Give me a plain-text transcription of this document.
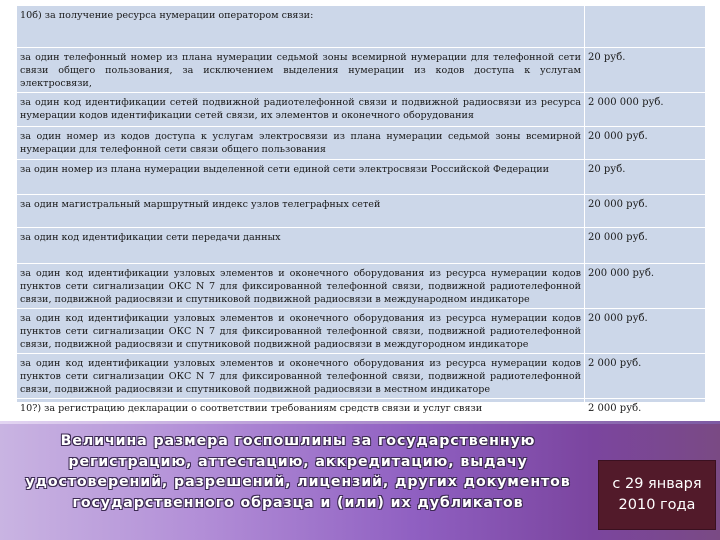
10б) за получение ресурса нумерации оператором связи:	
за один телефонный номер из плана нумерации седьмой зоны всемирной нумерации для телефонной сети связи общего пользования, за исключением выделения нумерации из кодов доступа к услугам электросвязи,	20 руб.
за один код идентификации сетей подвижной радиотелефонной связи и подвижной радиосвязи из ресурса нумерации кодов идентификации сетей связи, их элементов и оконечного оборудования	2 000 000 руб.
за один номер из кодов доступа к услугам электросвязи из плана нумерации седьмой зоны всемирной нумерации для телефонной сети связи общего пользования	20 000 руб.
за один номер из плана нумерации выделенной сети единой сети электросвязи Российской Федерации	20 руб.
за один магистральный маршрутный индекс узлов телеграфных сетей	20 000 руб.
за один код идентификации сети передачи данных	20 000 руб.
за один код идентификации узловых элементов и оконечного оборудования из ресурса нумерации кодов пунктов сети сигнализации ОКС N 7 для фиксированной телефонной связи, подвижной радиотелефонной связи, подвижной радиосвязи и спутниковой подвижной радиосвязи в международном индикаторе	200 000 руб.
за один код идентификации узловых элементов и оконечного оборудования из ресурса нумерации кодов пунктов сети сигнализации ОКС N 7 для фиксированной телефонной связи, подвижной радиотелефонной связи, подвижной радиосвязи и спутниковой подвижной радиосвязи в междугородном индикаторе	20 000 руб.
за один код идентификации узловых элементов и оконечного оборудования из ресурса нумерации кодов пунктов сети сигнализации ОКС N 7 для фиксированной телефонной связи, подвижной радиотелефонной связи, подвижной радиосвязи и спутниковой подвижной радиосвязи в местном индикаторе	2 000 руб.
10?) за регистрацию декларации о соответствии требованиям средств связи и услуг связи	2 000 руб.
Величина размера госпошлины за государственную
регистрацию, аттестацию, аккредитацию, выдачу
удостоверений, разрешений, лицензий, других документов
государственного образца и (или) их дубликатов
с 29 января
2010 года
